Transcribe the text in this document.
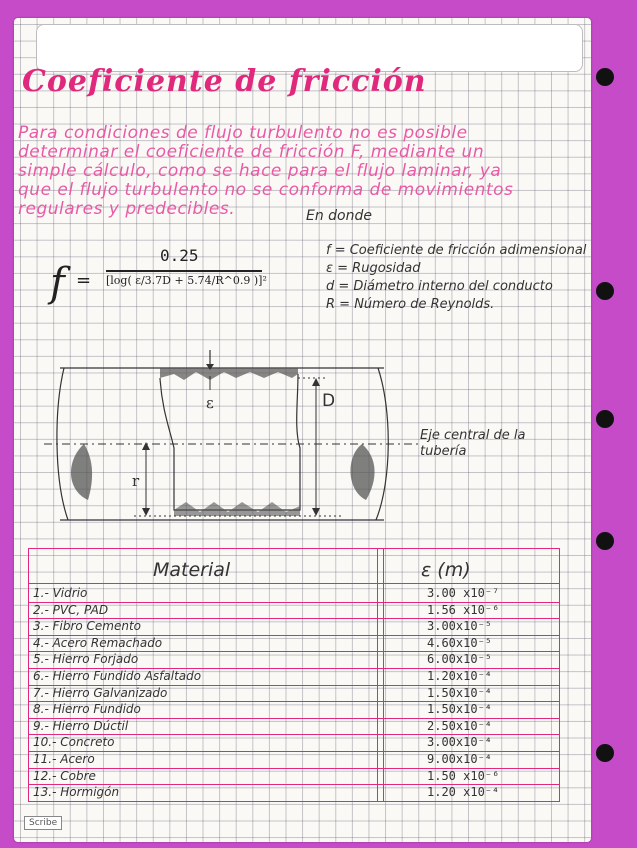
Coeficiente de fricción

Para condiciones de flujo turbulento no es posible determinar el coeficiente de fricción F, mediante un simple cálculo, como se hace para el flujo laminar, ya que el flujo turbulento no se conforma de movimientos regulares y predecibles.	En donde
f =
0.25
[log( ε/3.7D + 5.74/R^0.9 )]²
f = Coeficiente de fricción adimensional
ε = Rugosidad
d = Diámetro interno del conducto
R = Número de Reynolds.
ε	D
r
Eje central de la tubería
Material	ε (m)
1.- Vidrio	3.00 x10⁻⁷
2.- PVC, PAD	1.56 x10⁻⁶
3.- Fibro Cemento	3.00x10⁻⁵
4.- Acero Remachado	4.60x10⁻⁵
5.- Hierro Forjado	6.00x10⁻⁵
6.- Hierro Fundido Asfaltado	1.20x10⁻⁴
7.- Hierro Galvanizado	1.50x10⁻⁴
8.- Hierro Fundido	1.50x10⁻⁴
9.- Hierro Dúctil	2.50x10⁻⁴
10.- Concreto	3.00x10⁻⁴
11.- Acero	9.00x10⁻⁴
12.- Cobre	1.50 x10⁻⁶
13.- Hormigón	1.20 x10⁻⁴
Scribe
